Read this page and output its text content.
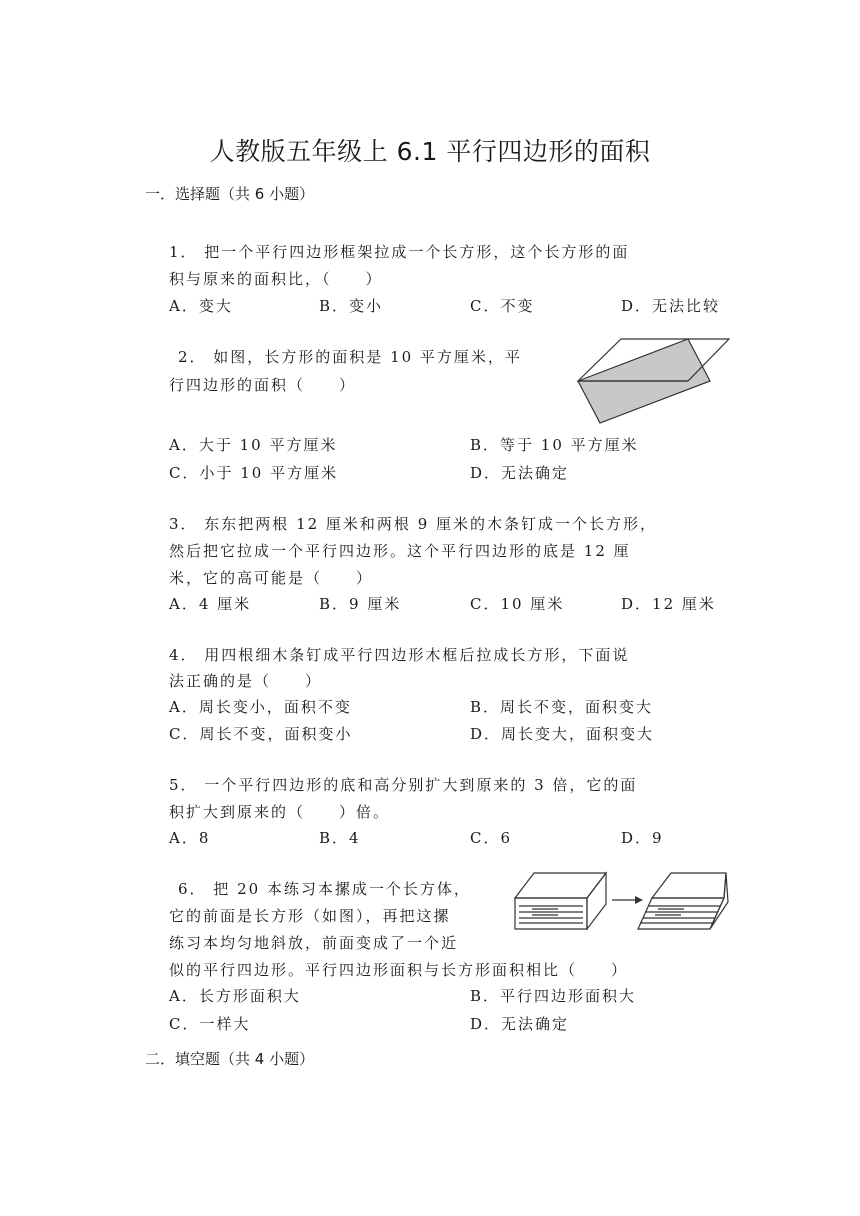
人教版五年级上 6.1 平行四边形的面积
一．选择题（共 6 小题）
1． 把一个平行四边形框架拉成一个长方形，这个长方形的面
积与原来的面积比，（　　）
A．变大	B．变小	C．不变	D．无法比较
2． 如图，长方形的面积是 10 平方厘米，平
行四边形的面积（　　）
A．大于 10 平方厘米	B．等于 10 平方厘米
C．小于 10 平方厘米	D．无法确定
3． 东东把两根 12 厘米和两根 9 厘米的木条钉成一个长方形，
然后把它拉成一个平行四边形。这个平行四边形的底是 12 厘
米，它的高可能是（　　）
A．4 厘米	B．9 厘米	C．10 厘米	D．12 厘米
4． 用四根细木条钉成平行四边形木框后拉成长方形，下面说
法正确的是（　　）
A．周长变小，面积不变	B．周长不变，面积变大
C．周长不变，面积变小	D．周长变大，面积变大
5． 一个平行四边形的底和高分别扩大到原来的 3 倍，它的面
积扩大到原来的（　　）倍。
A．8	B．4	C．6	D．9
6． 把 20 本练习本摞成一个长方体，
它的前面是长方形（如图），再把这摞
练习本均匀地斜放，前面变成了一个近
似的平行四边形。平行四边形面积与长方形面积相比（　　）
A．长方形面积大	B．平行四边形面积大
C．一样大	D．无法确定
二．填空题（共 4 小题）
